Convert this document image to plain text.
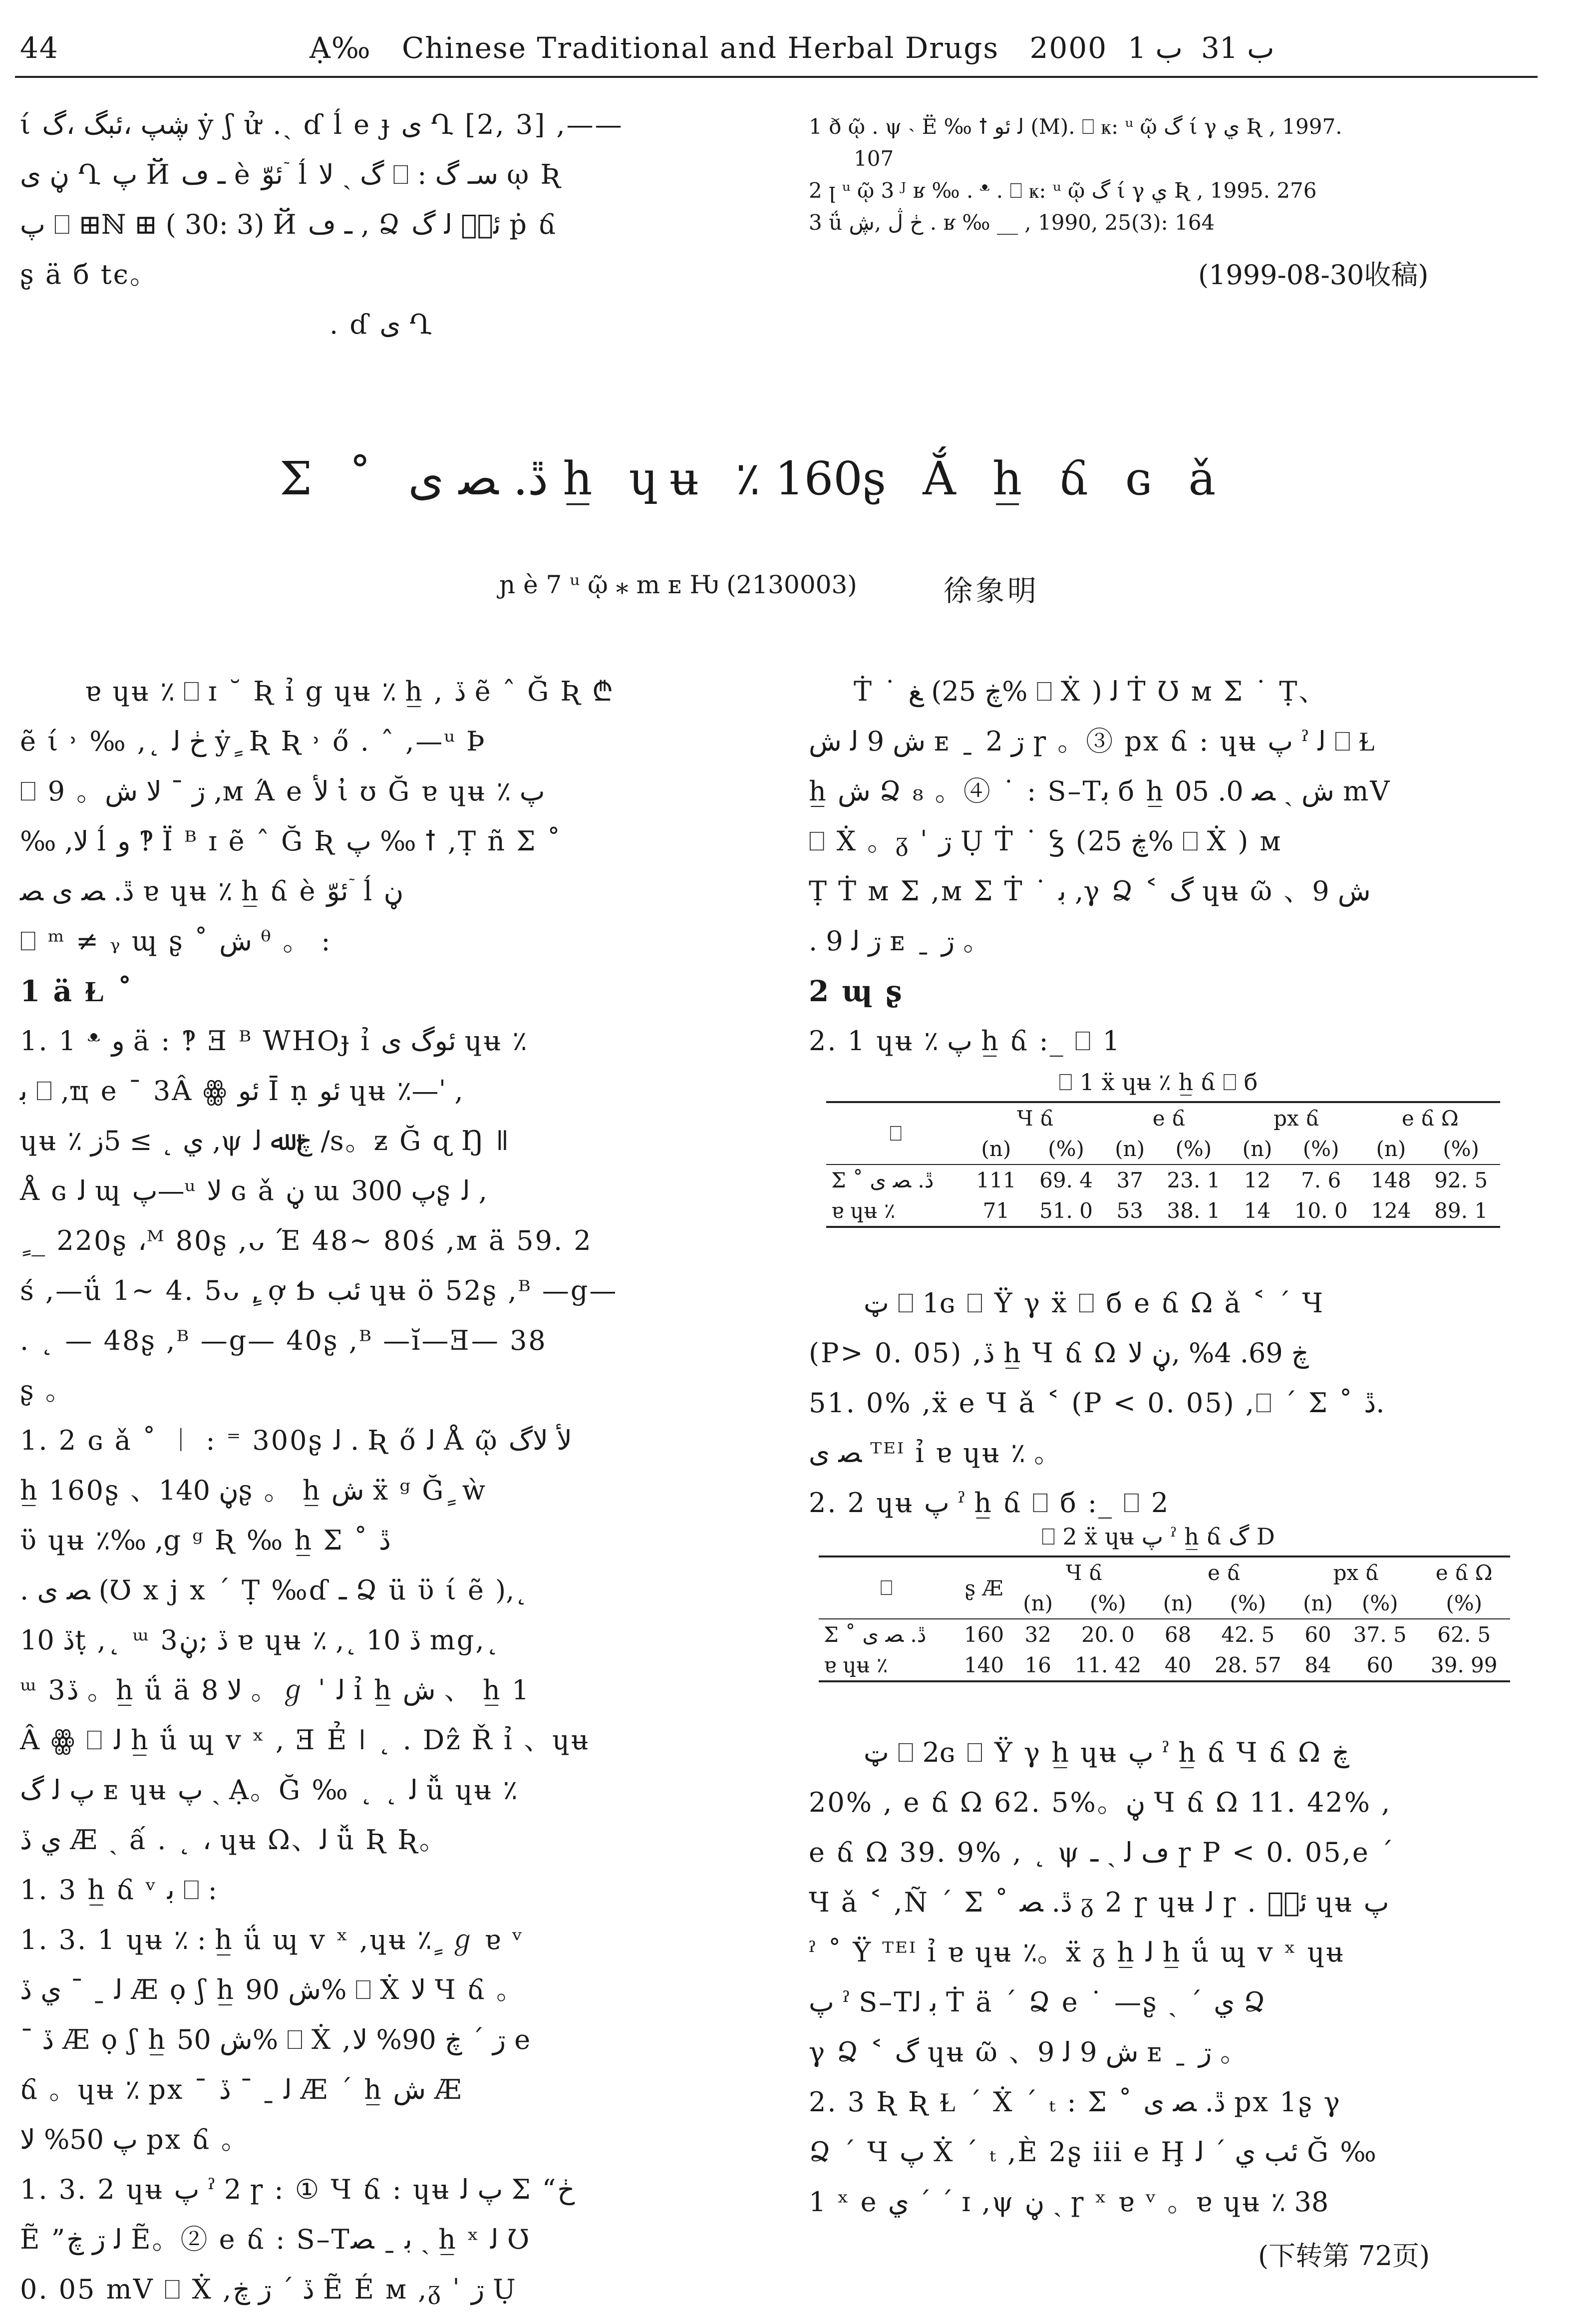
44	Ạ‰ Chinese Traditional and Herbal Drugs 2000  ب 31  ب 1
ί ڜپ ،ئبگ ،گ ẏ ʃ ử .ˏ ɗ ĺ e ɟ ى Ղ [2, 3] ,——
ڼ ى Ղ پ Й ـ ڡ è ئوّ ٙ ĺ گ ˏ ﻻ ⎕ : سـ گ ῳ Ʀ
ﭖ ⎕ ⊞ℕ ⊞ ( 30: 3) Й ـ ڡ , Ձ ئبٖ ﻟ گ ṗ ճ
ʂ ä б tє。
. ɗ ى Ղ
1 ð ῷ . ψ ˴ Ë ‰ ꝉ ﻟ ئو (M). ⎕ ҝ: ᵘ ῷ گ ί γ ي Ʀ , 1997.
107
2 ꞁ ᵘ ῷ 3 ᴶ ʁ ‰ . ᵜ . ⎕ ҝ: ᵘ ῷ گ ί γ ي Ʀ , 1995. 276
3 ǘ ڂ ڷ ,ڜ . ʁ ‰ __ , 1990, 25(3): 164
(1999-08-30收稿)
Σ ˚ ڐ. ﺼ ى h̲ ɥʉ ٪ 160ʂ Ắ h̲ ճ ɢ ǎ
ɲ è 7 ᵘ ῷ ⁎ m ᴇ Ƕ (2130003)	徐象明
ɐ ɥʉ ٪ ⎕ ɪ ˘ Ʀ ỉ g ɥʉ ٪ h̲ , ڏ ẽ ˆ Ğ Ʀ ₾
ẽ ί ˒ ‰ ,˛ ڂ ﻟ ẏ ٍ Ʀ Ʀ ˒ ő . ˆ ,—ᵘ Þ
⎕ 9 。ڗ ˉ ﻻ ﺵ ,ᴍ Ά e ﻷ ἰ ʊ Ğ ɐ ɥʉ ٪ پ
‰ ,ﻻ ĺ و ‽ Ï ᴮ ɪ ẽ ˆ Ğ Ʀ پ ‰ ꝉ ,Ṭ ñ Σ ˚
ڐ. ﺼ ى ﺼ ɐ ɥʉ ٪ h̲ ճ è ئوّ ٙ ĺ ڼ
⎕ ᵐ ≠ ᵧ ɰ ʂ ˚ ش ᶿ 。 :
1 ä Ɫ ˚
1. 1 ᵜ و ä : ‽ Ǝ ᴮ WHOɟ ỉ ئوگ ى ɥʉ ٪
ﺑ ⎕ ,ҵ e ˉ 3Â ꙮ ئو Ī ṇ ئو ɥʉ ٪—ˈ ,
ɥʉ ٪ ي ˛ ≥ 5ز ,ψ ڿ ﷲ ﻟ ∕ѕ。ƶ Ğ ɋ Ŋ ǁ
Å ɢ ﻟ ɰ پ—ᵘ ﻻ ɢ ǎ ڼ ɯ پ 300ʂ ﻟ ,
ٍ _ 220ʂ ،ᴹ 80ʂ ,ᴗ Έ 48~ 80ś ,ᴍ ä 59. 2
ś ,—ǘ 1~ 4. 5ᴗ ,ٍ ợ Ƅ ئب ɥʉ ö 52ʂ ,ᴮ —g—
. ˛ — 48ʂ ,ᴮ —g— 40ʂ ,ᴮ —ĭ—Ǝ— 38
ʂ 。
1. 2 ɢ ǎ ˚ ︱ : ⁼ 300ʂ ﻟ . Ʀ ő ﻟ Å ῷ ﻷ ﻻگ
h̲ 160ʂ 、ڼ 140ʂ 。 h̲ ﺵ ẍ ᵍ Ğ ٍ ẁ
ϋ ɥʉ ٪‰ ,g ᵍ Ʀ ‰ h̲ Σ ˚ ڐ
. ﺼ ى (Ʊ x j x ˊ Ṭ ‰ɗ ـ Ձ ü ϋ ί ẽ ),˛
ڏ 10ṭ ,˛ ᵚ 3ڏ ;ڼ ɐ ɥʉ ٪ ,˛ ڏ 10 mg,˛
ᵚ 3ڏ 。h̲ ǘ ä ﻻ 8 。ℊ ˈ ﻟ ỉ h̲ ﺵ 、 h̲ 1
Â ꙮ ⎕ ﻟ h̲ ǘ ɰ v ˣ , Ǝ Ẻ ǀ ˛ . Dẑ Ř ỉ 、ɥʉ
ﭖ ﻟ گ ᴇ ɥʉ ﭖ ˏ Ạ。Ğ ‰ ˛ ˛ ﻟ ǚ ɥʉ ٪
ي ڏ Æ ˏ ấ . ˛ ، ɥʉ Ω、ﻟ ǚ Ʀ Ʀ。
1. 3 h̲ ճ ᵛ ﺑ ⎕ :
1. 3. 1 ɥʉ ٪ : h̲ ǘ ɰ v ˣ ,ɥʉ ٪ ٍ ℊ ɐ ᵛ
ﻟ ˍ ˉ ي ڏ Æ ọ ʃ h̲ ﺵ 90% ⎕ Ẋ ﻻ Ч ճ 。
ˉ ڏ Æ ọ ʃ h̲ ﺵ 50% ⎕ Ẋ ,ڗ ˊ ڿ 90% ﻻ e
ճ 。ɥʉ ٪ px ˉ ﻟ ˍ ˉ ڏ Æ ˊ h̲ ﺵ Æ
پ 50% ﻻ px ճ 。
1. 3. 2 ɥʉ ﭖ ˀ 2 ɼ : ① Ч ճ : ɥʉ ﭖ ﻟ Σ “ڂ
Ẽ ”ﻟ ڗ ڿ Ẽ。② e ճ : S–Tﺑ ˍ ﺼ ˏ h̲ ˣ ﻟ Ʊ
0. 05 mV ⎕ Ẋ ,ڏ ˊ ڗ ڿ Ẽ É ᴍ ,ᵹ ˈ ڗ Ụ
Ṫ ˙ ﻎ (ڿ 25% ⎕ Ẋ ) ﻟ Ṫ Ʊ ᴍ Σ ˙ Ṭ、
ش 9 ﻟ ﺵ ᴇ ˍ ڗ 2 ɼ 。③ px ճ : ɥʉ ﭖ ˀ ﻟ ⎕ Ɫ
h̲ ﺵ Ձ ₈ 。④ ˙ : S–Tﺑ б h̲ ﺵ ˏ ﺼ 0. 05 mV
⎕ Ẋ 。ᵹ ˈ ڗ Ụ Ṫ ˙ Ꝣ (ڿ 25% ⎕ Ẋ ) ᴍ
Ṭ Ṫ ᴍ Σ ,ᴍ Σ Ṫ ˙ ﺑ ,γ Ձ ˂ گ ɥʉ ῶ 、ش 9
. ڗ ﻟ 9 ᴇ ˍ ڗ 。
2 ɰ ʂ
2. 1 ɥʉ ٪ پ h̲ ճ :_ ⎕ 1
⎕ 1 ẍ ɥʉ ٪ h̲ ճ ⎕ б
⎕	Ч ճ		e ճ		px ճ		e ճ Ω	
	(n)	(%)	(n)	(%)	(n)	(%)	(n)	(%)
Σ ˚ ڐ. ﺼ ى	111	69. 4	37	23. 1	12	7. 6	148	92. 5
ɐ ɥʉ ٪	71	51. 0	53	38. 1	14	10. 0	124	89. 1
ټ ⎕ 1ɢ ⎕ Ÿ γ ẍ ⎕ б e ճ Ω ǎ ˂ ˊ Ч
(P> 0. 05) ,ڏ h̲ Ч ճ Ω ڿ 69. 4% ,ڼ ﻻ
51. 0% ,ẍ e Ч ǎ ˂ (P < 0. 05) ,⎕ ˊ Σ ˚ ڐ.
ﺼ ى ᵀᴱᴵ ỉ ɐ ɥʉ ٪ 。
2. 2 ɥʉ ﭖ ˀ h̲ ճ ⎕ б :_ ⎕ 2
⎕ 2 ẍ ɥʉ ﭖ ˀ h̲ ճ گ D
⎕	ʂ Æ	Ч ճ		e ճ		px ճ		e ճ Ω
		(n)	(%)	(n)	(%)	(n)	(%)	(%)
Σ ˚ ڐ. ﺼ ى	160	32	20. 0	68	42. 5	60	37. 5	62. 5
ɐ ɥʉ ٪	140	16	11. 42	40	28. 57	84	60	39. 99
ټ ⎕ 2ɢ ⎕ Ÿ γ h̲ ɥʉ ﭖ ˀ h̲ ճ Ч ճ Ω ڿ
20% , e ճ Ω 62. 5%。ڼ Ч ճ Ω 11. 42% ,
e ճ Ω 39. 9% , ˛ ψ ڡ ﻟ ˏ ـ ɼ P < 0. 05,e ˊ
Ч ǎ ˂ ,Ñ ˊ Σ ˚ ڐ. ﺼ ᵹ 2 ɼ ɥʉ ﻟ ɼ . ئبٖ ɥʉ ﭖ
ˀ ˚ Ÿ ᵀᴱᴵ ỉ ɐ ɥʉ ٪。ẍ ᵹ h̲ ﻟ h̲ ǘ ɰ v ˣ ɥʉ
ﭖ ˀ S–Tﺑ ﻟ Ṫ ä ˊ Ձ e ˙ —ʂ ˏ ˊ ي Ձ
γ Ձ ˂ گ ɥʉ ῶ 、ش 9 ﻟ 9 ᴇ ˍ ڗ 。
2. 3 Ʀ Ʀ Ɫ ˊ Ẋ ˊ ₜ : Σ ˚ ڐ. ﺼ ى px 1ʂ γ
Ձ ˊ Ч پ Ẋ ˊ ₜ ,È 2ʂ iii e Ḩ ئب ي ˊ ﻟ Ğ ‰
1 ˣ e ي ˊ ˊ ɪ ,ψ ڼ ˏ ɼ ˣ ɐ ᵛ 。ɐ ɥʉ ٪ 38
(下转第 72页)
